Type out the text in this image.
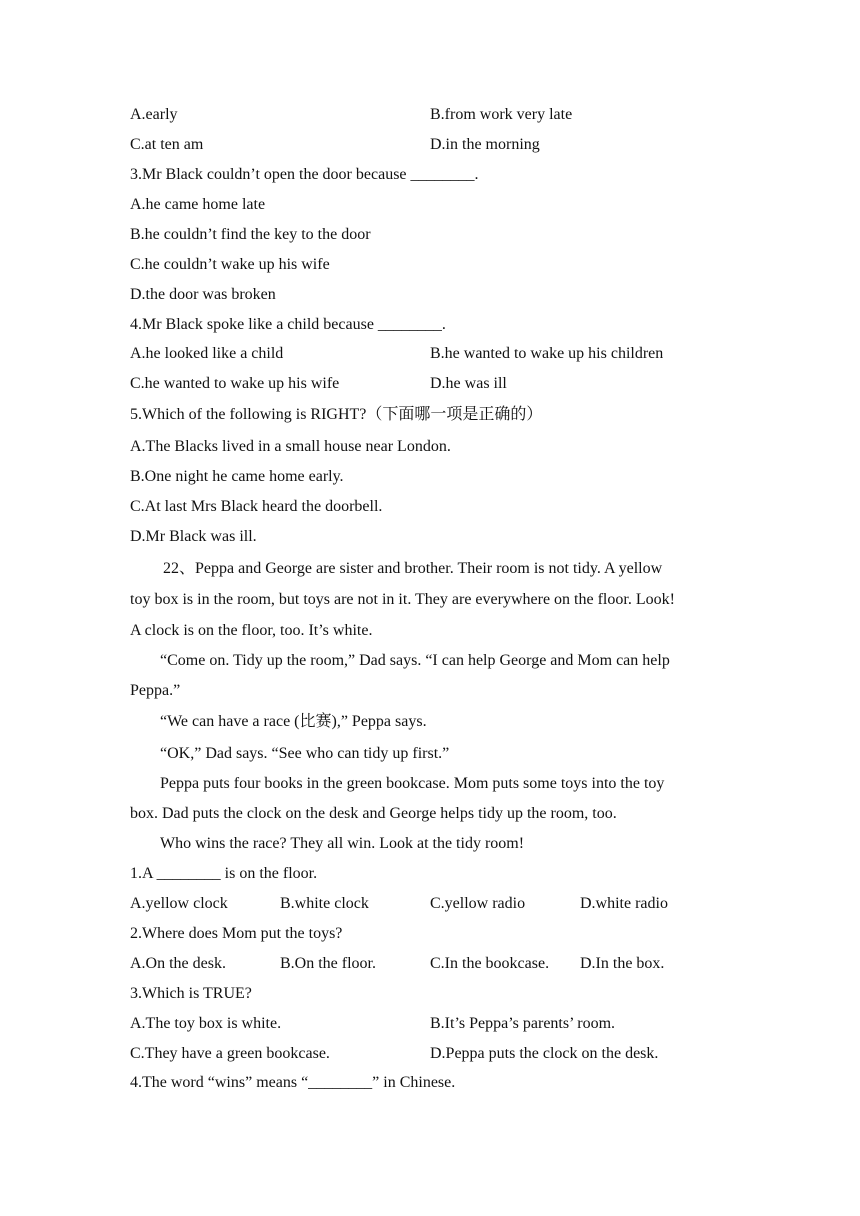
A.early	B.from work very late
C.at ten am	D.in the morning
3.Mr Black couldn’t open the door because ________.
A.he came home late
B.he couldn’t find the key to the door
C.he couldn’t wake up his wife
D.the door was broken
4.Mr Black spoke like a child because ________.
A.he looked like a child	B.he wanted to wake up his children
C.he wanted to wake up his wife	D.he was ill
5.Which of the following is RIGHT?（下面哪一项是正确的）
A.The Blacks lived in a small house near London.
B.One night he came home early.
C.At last Mrs Black heard the doorbell.
D.Mr Black was ill.
22、Peppa and George are sister and brother. Their room is not tidy. A yellow
toy box is in the room, but toys are not in it. They are everywhere on the floor. Look!
A clock is on the floor, too. It’s white.
“Come on. Tidy up the room,” Dad says. “I can help George and Mom can help
Peppa.”
“We can have a race (比赛),” Peppa says.
“OK,” Dad says. “See who can tidy up first.”
Peppa puts four books in the green bookcase. Mom puts some toys into the toy
box. Dad puts the clock on the desk and George helps tidy up the room, too.
Who wins the race? They all win. Look at the tidy room!
1.A ________ is on the floor.
A.yellow clock	B.white clock	C.yellow radio	D.white radio
2.Where does Mom put the toys?
A.On the desk.	B.On the floor.	C.In the bookcase. D.In the box.
3.Which is TRUE?
A.The toy box is white.	B.It’s Peppa’s parents’ room.
C.They have a green bookcase.	D.Peppa puts the clock on the desk.
4.The word “wins” means “________” in Chinese.
